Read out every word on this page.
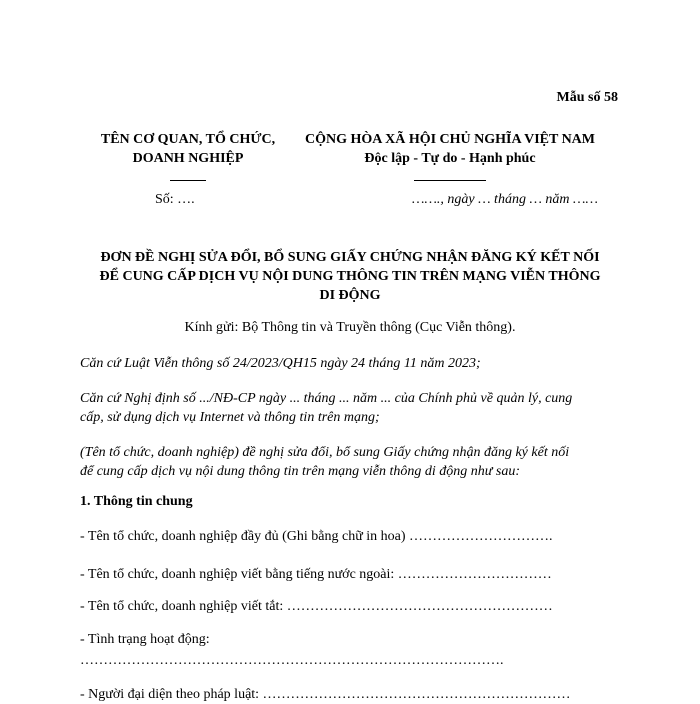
Mẫu số 58
TÊN CƠ QUAN, TỔ CHỨC,
DOANH NGHIỆP
CỘNG HÒA XÃ HỘI CHỦ NGHĨA VIỆT NAM
Độc lập - Tự do - Hạnh phúc
Số: ….	……., ngày … tháng … năm ……
ĐƠN ĐỀ NGHỊ SỬA ĐỔI, BỔ SUNG GIẤY CHỨNG NHẬN ĐĂNG KÝ KẾT NỐI
ĐỂ CUNG CẤP DỊCH VỤ NỘI DUNG THÔNG TIN TRÊN MẠNG VIỄN THÔNG
DI ĐỘNG
Kính gửi: Bộ Thông tin và Truyền thông (Cục Viễn thông).
Căn cứ Luật Viễn thông số 24/2023/QH15 ngày 24 tháng 11 năm 2023;
Căn cứ Nghị định số .../NĐ-CP ngày ... tháng ... năm ... của Chính phủ về quản lý, cung
cấp, sử dụng dịch vụ Internet và thông tin trên mạng;
(Tên tổ chức, doanh nghiệp) đề nghị sửa đổi, bổ sung Giấy chứng nhận đăng ký kết nối
để cung cấp dịch vụ nội dung thông tin trên mạng viễn thông di động như sau:
1. Thông tin chung
- Tên tổ chức, doanh nghiệp đầy đủ (Ghi bằng chữ in hoa) ………………………….
- Tên tổ chức, doanh nghiệp viết bằng tiếng nước ngoài: ……………………………
- Tên tổ chức, doanh nghiệp viết tắt: …………………………………………………
- Tình trạng hoạt động:
……………………………………………………………………………….
- Người đại diện theo pháp luật: …………………………………………………………
